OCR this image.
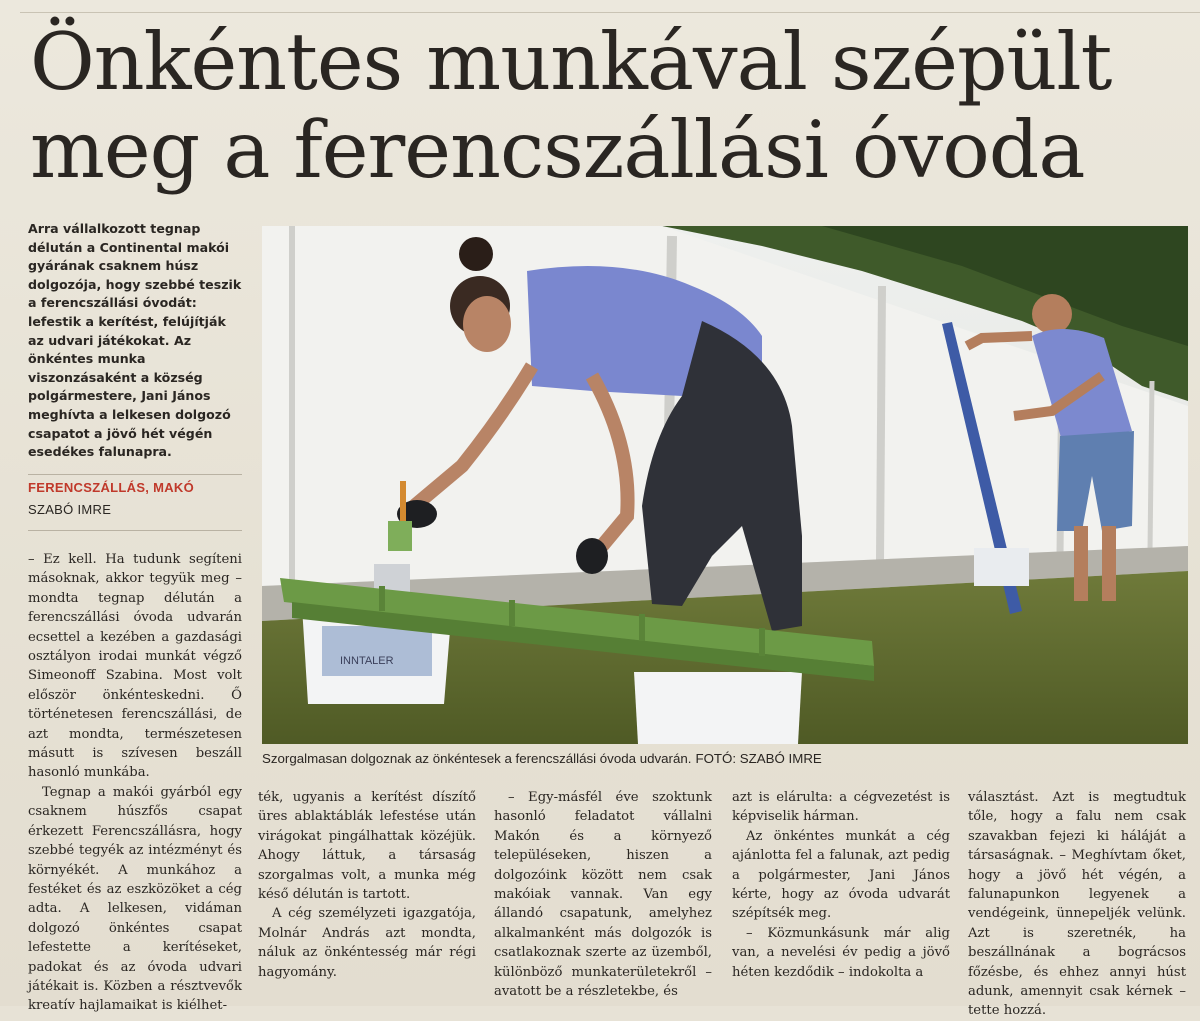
Önkéntes munkával szépült meg a ferencszállási óvoda

Arra vállalkozott tegnap délután a Continental makói gyárának csaknem húsz dolgozója, hogy szebbé teszik a ferencszállási óvodát: lefestik a kerítést, felújítják az udvari játékokat. Az önkéntes munka viszonzásaként a község polgármestere, Jani János meghívta a lelkesen dolgozó csapatot a jövő hét végén esedékes falunapra.

FERENCSZÁLLÁS, MAKÓ
SZABÓ IMRE
INNTALER
Szorgalmasan dolgoznak az önkéntesek a ferencszállási óvoda udvarán. FOTÓ: SZABÓ IMRE

– Ez kell. Ha tudunk segíteni másoknak, akkor tegyük meg – mondta tegnap délután a ferencszállási óvoda udvarán ecsettel a kezében a gazdasági osztályon irodai munkát végző Simeonoff Szabina. Most volt először önkénteskedni. Ő történetesen ferencszállási, de azt mondta, természetesen másutt is szívesen beszáll hasonló munkába.

Tegnap a makói gyárból egy csaknem húszfős csapat érkezett Ferencszállásra, hogy szebbé tegyék az intézményt és környékét. A munkához a festéket és az eszközöket a cég adta. A lelkesen, vidáman dolgozó önkéntes csapat lefestette a kerítéseket, padokat és az óvoda udvari játékait is. Közben a résztvevők kreatív hajlamaikat is kiélhet-

ték, ugyanis a kerítést díszítő üres ablaktáblák lefestése után virágokat pingálhattak közéjük. Ahogy láttuk, a társaság szorgalmas volt, a munka még késő délután is tartott.

A cég személyzeti igazgatója, Molnár András azt mondta, náluk az önkéntesség már régi hagyomány.

– Egy-másfél éve szoktunk hasonló feladatot vállalni Makón és a környező településeken, hiszen a dolgozóink között nem csak makóiak vannak. Van egy állandó csapatunk, amelyhez alkalmanként más dolgozók is csatlakoznak szerte az üzemből, különböző munkaterületekről – avatott be a részletekbe, és

azt is elárulta: a cégvezetést is képviselik hárman.

Az önkéntes munkát a cég ajánlotta fel a falunak, azt pedig a polgármester, Jani János kérte, hogy az óvoda udvarát szépítsék meg.

– Közmunkásunk már alig van, a nevelési év pedig a jövő héten kezdődik – indokolta a

választást. Azt is megtudtuk tőle, hogy a falu nem csak szavakban fejezi ki háláját a társaságnak. – Meghívtam őket, hogy a jövő hét végén, a falunapunkon legyenek a vendégeink, ünnepeljék velünk. Azt is szeretnék, ha beszállnának a bográcsos főzésbe, és ehhez annyi húst adunk, amennyit csak kérnek – tette hozzá.
